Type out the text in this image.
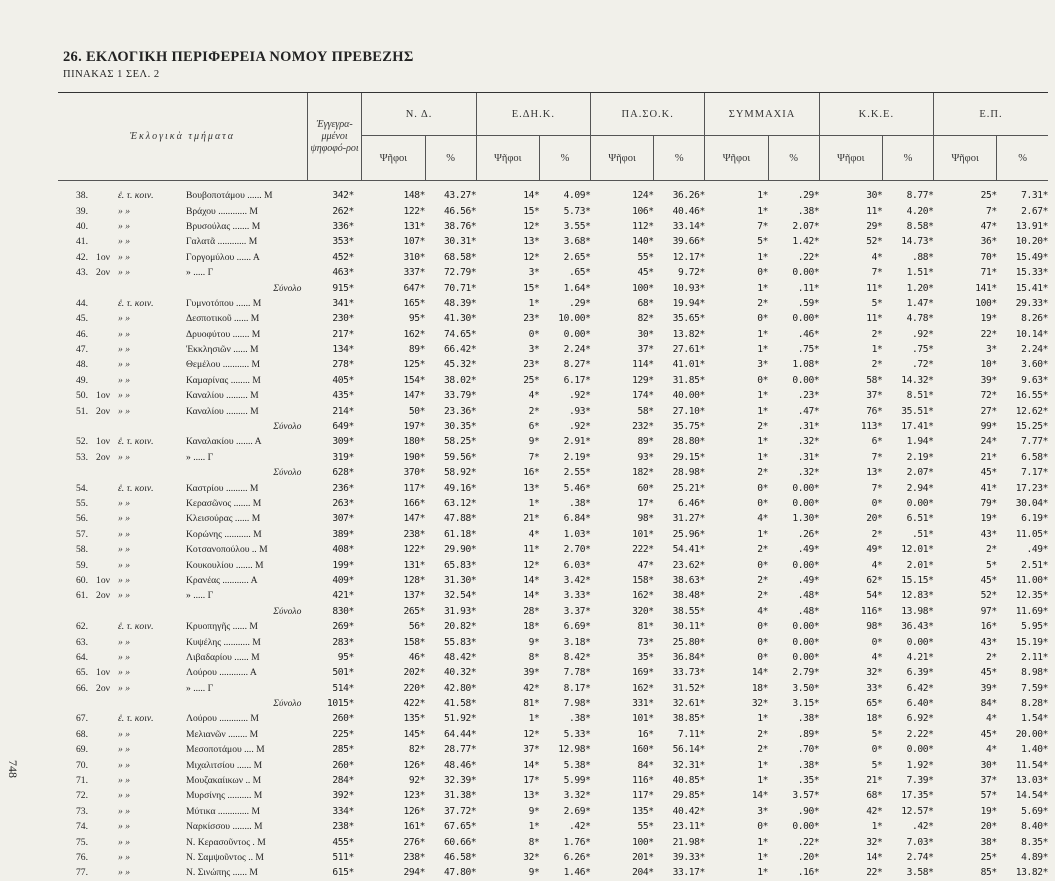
26. ΕΚΛΟΓΙΚΗ ΠΕΡΙΦΕΡΕΙΑ ΝΟΜΟΥ ΠΡΕΒΕΖΗΣ
ΠΙΝΑΚΑΣ 1 ΣΕΛ. 2
748
Ἐκλογικὰ τμήματα	Ἐγγεγρα-μμένοι ψηφοφό-ροι	Ν. Δ.		Ε.ΔΗ.Κ.		ΠΑ.ΣΟ.Κ.		ΣΥΜΜΑΧΙΑ		Κ.Κ.Ε.		Ε.Π.	
		Ψῆφοι	%	Ψῆφοι	%	Ψῆφοι	%	Ψῆφοι	%	Ψῆφοι	%	Ψῆφοι	%

38. ἐ. τ. κοιν. Βουβοποτάμου ...... Μ	342*	148*	43.27*	14*	4.09*	124*	36.26*	1*	.29*	30*	8.77*	25*	7.31*
39. » » Βράχου ............ Μ	262*	122*	46.56*	15*	5.73*	106*	40.46*	1*	.38*	11*	4.20*	7*	2.67*
40. » » Βρυσούλας ....... Μ	336*	131*	38.76*	12*	3.55*	112*	33.14*	7*	2.07*	29*	8.58*	47*	13.91*
41. » » Γαλατᾶ ............ Μ	353*	107*	30.31*	13*	3.68*	140*	39.66*	5*	1.42*	52*	14.73*	36*	10.20*
42. 1ον » » Γοργομύλου ...... Α	452*	310*	68.58*	12*	2.65*	55*	12.17*	1*	.22*	4*	.88*	70*	15.49*
43. 2ον » » » ..... Γ	463*	337*	72.79*	3*	.65*	45*	9.72*	0*	0.00*	7*	1.51*	71*	15.33*
Σύνολο	915*	647*	70.71*	15*	1.64*	100*	10.93*	1*	.11*	11*	1.20*	141*	15.41*
44. ἐ. τ. κοιν. Γυμνοτόπου ...... Μ	341*	165*	48.39*	1*	.29*	68*	19.94*	2*	.59*	5*	1.47*	100*	29.33*
45. » » Δεσποτικοῦ ...... Μ	230*	95*	41.30*	23*	10.00*	82*	35.65*	0*	0.00*	11*	4.78*	19*	8.26*
46. » » Δρυοφύτου ....... Μ	217*	162*	74.65*	0*	0.00*	30*	13.82*	1*	.46*	2*	.92*	22*	10.14*
47. » » Ἐκκλησιῶν ...... Μ	134*	89*	66.42*	3*	2.24*	37*	27.61*	1*	.75*	1*	.75*	3*	2.24*
48. » » Θεμέλου ........... Μ	278*	125*	45.32*	23*	8.27*	114*	41.01*	3*	1.08*	2*	.72*	10*	3.60*
49. » » Καμαρίνας ........ Μ	405*	154*	38.02*	25*	6.17*	129*	31.85*	0*	0.00*	58*	14.32*	39*	9.63*
50. 1ον » » Καναλίου ......... Μ	435*	147*	33.79*	4*	.92*	174*	40.00*	1*	.23*	37*	8.51*	72*	16.55*
51. 2ον » » Καναλίου ......... Μ	214*	50*	23.36*	2*	.93*	58*	27.10*	1*	.47*	76*	35.51*	27*	12.62*
Σύνολο	649*	197*	30.35*	6*	.92*	232*	35.75*	2*	.31*	113*	17.41*	99*	15.25*
52. 1ον ἐ. τ. κοιν. Καναλακίου ....... Α	309*	180*	58.25*	9*	2.91*	89*	28.80*	1*	.32*	6*	1.94*	24*	7.77*
53. 2ον » » » ..... Γ	319*	190*	59.56*	7*	2.19*	93*	29.15*	1*	.31*	7*	2.19*	21*	6.58*
Σύνολο	628*	370*	58.92*	16*	2.55*	182*	28.98*	2*	.32*	13*	2.07*	45*	7.17*
54. ἐ. τ. κοιν. Καστρίου ......... Μ	236*	117*	49.16*	13*	5.46*	60*	25.21*	0*	0.00*	7*	2.94*	41*	17.23*
55. » » Κερασῶνος ....... Μ	263*	166*	63.12*	1*	.38*	17*	6.46*	0*	0.00*	0*	0.00*	79*	30.04*
56. » » Κλεισούρας ...... Μ	307*	147*	47.88*	21*	6.84*	98*	31.27*	4*	1.30*	20*	6.51*	19*	6.19*
57. » » Κορώνης ........... Μ	389*	238*	61.18*	4*	1.03*	101*	25.96*	1*	.26*	2*	.51*	43*	11.05*
58. » » Κοτσανοπούλου .. Μ	408*	122*	29.90*	11*	2.70*	222*	54.41*	2*	.49*	49*	12.01*	2*	.49*
59. » » Κουκουλίου ....... Μ	199*	131*	65.83*	12*	6.03*	47*	23.62*	0*	0.00*	4*	2.01*	5*	2.51*
60. 1ον » » Κρανέας ........... Α	409*	128*	31.30*	14*	3.42*	158*	38.63*	2*	.49*	62*	15.15*	45*	11.00*
61. 2ον » » » ..... Γ	421*	137*	32.54*	14*	3.33*	162*	38.48*	2*	.48*	54*	12.83*	52*	12.35*
Σύνολο	830*	265*	31.93*	28*	3.37*	320*	38.55*	4*	.48*	116*	13.98*	97*	11.69*
62. ἐ. τ. κοιν. Κρυοπηγῆς ...... Μ	269*	56*	20.82*	18*	6.69*	81*	30.11*	0*	0.00*	98*	36.43*	16*	5.95*
63. » » Κυψέλης ........... Μ	283*	158*	55.83*	9*	3.18*	73*	25.80*	0*	0.00*	0*	0.00*	43*	15.19*
64. » » Λιβαδαρίου ...... Μ	95*	46*	48.42*	8*	8.42*	35*	36.84*	0*	0.00*	4*	4.21*	2*	2.11*
65. 1ον » » Λούρου ............ Α	501*	202*	40.32*	39*	7.78*	169*	33.73*	14*	2.79*	32*	6.39*	45*	8.98*
66. 2ον » » » ..... Γ	514*	220*	42.80*	42*	8.17*	162*	31.52*	18*	3.50*	33*	6.42*	39*	7.59*
Σύνολο	1015*	422*	41.58*	81*	7.98*	331*	32.61*	32*	3.15*	65*	6.40*	84*	8.28*
67. ἐ. τ. κοιν. Λούρου ............ Μ	260*	135*	51.92*	1*	.38*	101*	38.85*	1*	.38*	18*	6.92*	4*	1.54*
68. » » Μελιανῶν ........ Μ	225*	145*	64.44*	12*	5.33*	16*	7.11*	2*	.89*	5*	2.22*	45*	20.00*
69. » » Μεσοποτάμου .... Μ	285*	82*	28.77*	37*	12.98*	160*	56.14*	2*	.70*	0*	0.00*	4*	1.40*
70. » » Μιχαλιτσίου ...... Μ	260*	126*	48.46*	14*	5.38*	84*	32.31*	1*	.38*	5*	1.92*	30*	11.54*
71. » » Μουζακαίικων .. Μ	284*	92*	32.39*	17*	5.99*	116*	40.85*	1*	.35*	21*	7.39*	37*	13.03*
72. » » Μυρσίνης .......... Μ	392*	123*	31.38*	13*	3.32*	117*	29.85*	14*	3.57*	68*	17.35*	57*	14.54*
73. » » Μύτικα ............. Μ	334*	126*	37.72*	9*	2.69*	135*	40.42*	3*	.90*	42*	12.57*	19*	5.69*
74. » » Ναρκίσσου ........ Μ	238*	161*	67.65*	1*	.42*	55*	23.11*	0*	0.00*	1*	.42*	20*	8.40*
75. » » Ν. Κερασοῦντος . Μ	455*	276*	60.66*	8*	1.76*	100*	21.98*	1*	.22*	32*	7.03*	38*	8.35*
76. » » Ν. Σαμψοῦντος .. Μ	511*	238*	46.58*	32*	6.26*	201*	39.33*	1*	.20*	14*	2.74*	25*	4.89*
77. » » Ν. Σινώπης ...... Μ	615*	294*	47.80*	9*	1.46*	204*	33.17*	1*	.16*	22*	3.58*	85*	13.82*
